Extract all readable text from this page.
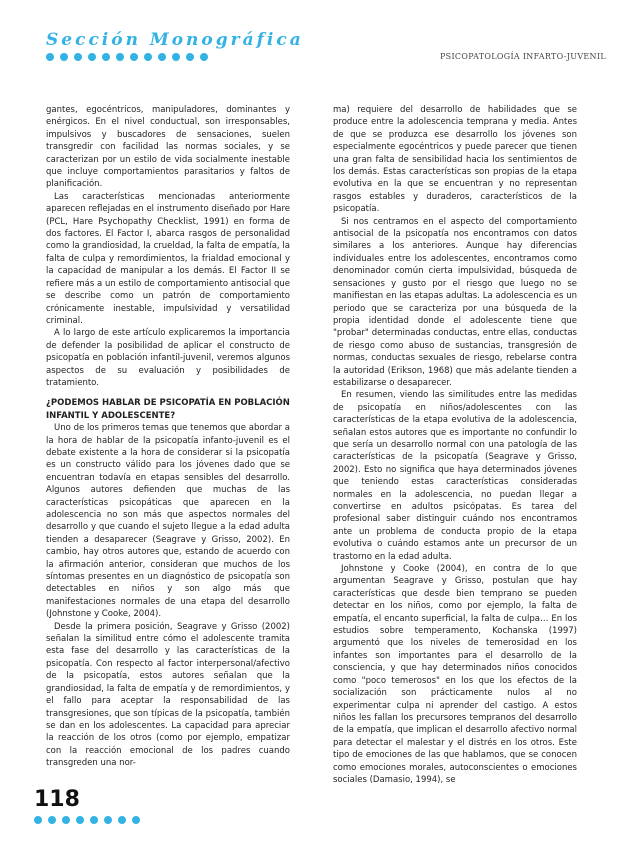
Sección Monográfica
PSICOPATOLOGÍA INFARTO-JUVENIL

gantes, egocéntricos, manipuladores, dominantes y enérgicos. En el nivel conductual, son irresponsables, impulsivos y buscadores de sensaciones, suelen transgredir con facilidad las normas sociales, y se caracterizan por un estilo de vida socialmente inestable que incluye comportamientos parasitarios y faltos de planificación.

Las características mencionadas anteriormente aparecen reflejadas en el instrumento diseñado por Hare (PCL, Hare Psychopathy Checklist, 1991) en forma de dos factores. El Factor I, abarca rasgos de personalidad como la grandiosidad, la crueldad, la falta de empatía, la falta de culpa y remordimientos, la frialdad emocional y la capacidad de manipular a los demás. El Factor II se refiere más a un estilo de comportamiento antisocial que se describe como un patrón de comportamiento crónicamente inestable, impulsividad y versatilidad criminal.

A lo largo de este artículo explicaremos la importancia de defender la posibilidad de aplicar el constructo de psicopatía en población infantil-juvenil, veremos algunos aspectos de su evaluación y posibilidades de tratamiento.

¿PODEMOS HABLAR DE PSICOPATÍA EN POBLACIÓN INFANTIL Y ADOLESCENTE?

Uno de los primeros temas que tenemos que abordar a la hora de hablar de la psicopatía infanto-juvenil es el debate existente a la hora de considerar si la psicopatía es un constructo válido para los jóvenes dado que se encuentran todavía en etapas sensibles del desarrollo. Algunos autores defienden que muchas de las características psicopáticas que aparecen en la adolescencia no son más que aspectos normales del desarrollo y que cuando el sujeto llegue a la edad adulta tienden a desaparecer (Seagrave y Grisso, 2002). En cambio, hay otros autores que, estando de acuerdo con la afirmación anterior, consideran que muchos de los síntomas presentes en un diagnóstico de psicopatía son detectables en niños y son algo más que manifestaciones normales de una etapa del desarrollo (Johnstone y Cooke, 2004).

Desde la primera posición, Seagrave y Grisso (2002) señalan la similitud entre cómo el adolescente tramita esta fase del desarrollo y las características de la psicopatía. Con respecto al factor interpersonal/afectivo de la psicopatía, estos autores señalan que la grandiosidad, la falta de empatía y de remordimientos, y el fallo para aceptar la responsabilidad de las transgresiones, que son típicas de la psicopatía, también se dan en los adolescentes. La capacidad para apreciar la reacción de los otros (como por ejemplo, empatizar con la reacción emocional de los padres cuando transgreden una nor-

ma) requiere del desarrollo de habilidades que se produce entre la adolescencia temprana y media. Antes de que se produzca ese desarrollo los jóvenes son especialmente egocéntricos y puede parecer que tienen una gran falta de sensibilidad hacia los sentimientos de los demás. Estas características son propias de la etapa evolutiva en la que se encuentran y no representan rasgos estables y duraderos, característicos de la psicopatía.

Si nos centramos en el aspecto del comportamiento antisocial de la psicopatía nos encontramos con datos similares a los anteriores. Aunque hay diferencias individuales entre los adolescentes, encontramos como denominador común cierta impulsividad, búsqueda de sensaciones y gusto por el riesgo que luego no se manifiestan en las etapas adultas. La adolescencia es un periodo que se caracteriza por una búsqueda de la propia identidad donde el adolescente tiene que "probar" determinadas conductas, entre ellas, conductas de riesgo como abuso de sustancias, transgresión de normas, conductas sexuales de riesgo, rebelarse contra la autoridad (Erikson, 1968) que más adelante tienden a estabilizarse o desaparecer.

En resumen, viendo las similitudes entre las medidas de psicopatía en niños/adolescentes con las características de la etapa evolutiva de la adolescencia, señalan estos autores que es importante no confundir lo que sería un desarrollo normal con una patología de las características de la psicopatía (Seagrave y Grisso, 2002). Esto no significa que haya determinados jóvenes que teniendo estas características consideradas normales en la adolescencia, no puedan llegar a convertirse en adultos psicópatas. Es tarea del profesional saber distinguir cuándo nos encontramos ante un problema de conducta propio de la etapa evolutiva o cuándo estamos ante un precursor de un trastorno en la edad adulta.

Johnstone y Cooke (2004), en contra de lo que argumentan Seagrave y Grisso, postulan que hay características que desde bien temprano se pueden detectar en los niños, como por ejemplo, la falta de empatía, el encanto superficial, la falta de culpa… En los estudios sobre temperamento, Kochanska (1997) argumentó que los niveles de temerosidad en los infantes son importantes para el desarrollo de la consciencia, y que hay determinados niños conocidos como "poco temerosos" en los que los efectos de la socialización son prácticamente nulos al no experimentar culpa ni aprender del castigo. A estos niños les fallan los precursores tempranos del desarrollo de la empatía, que implican el desarrollo afectivo normal para detectar el malestar y el distrés en los otros. Este tipo de emociones de las que hablamos, que se conocen como emociones morales, autoconscientes o emociones sociales (Damasio, 1994), se

118
